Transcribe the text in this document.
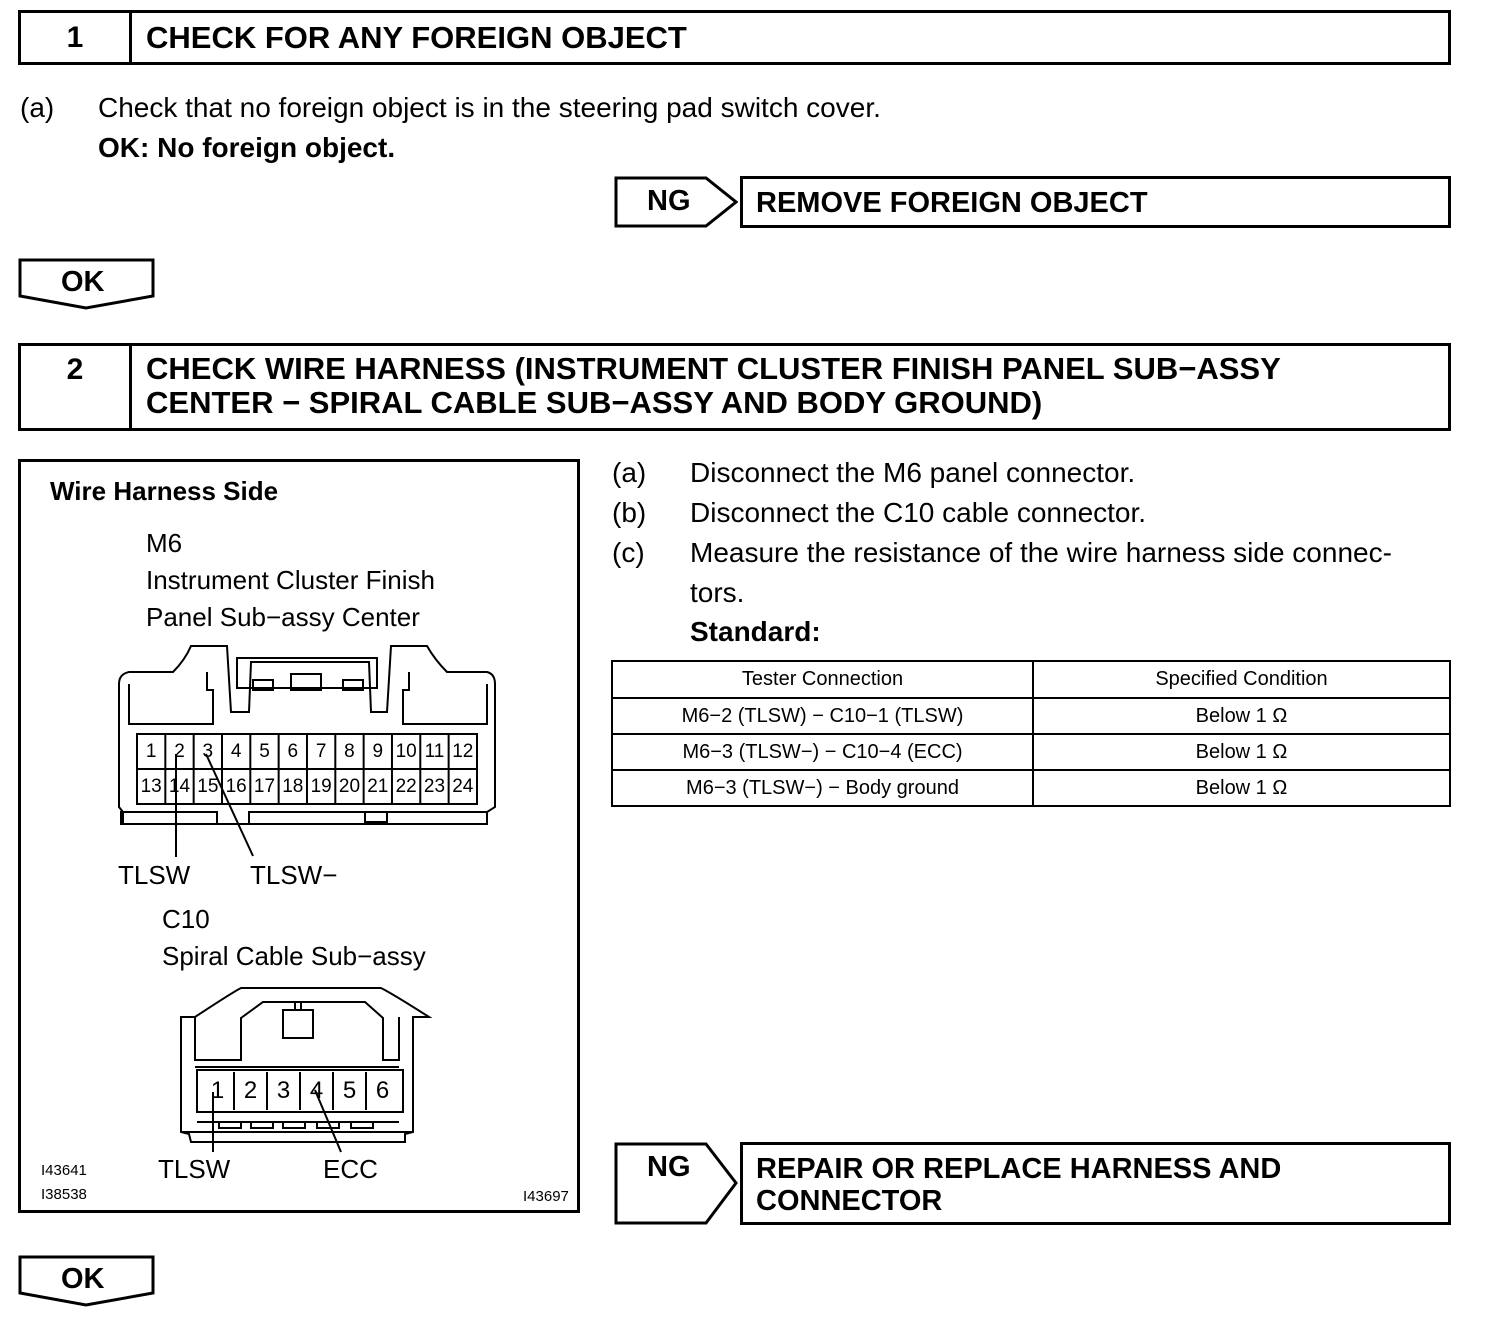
1	CHECK FOR ANY FOREIGN OBJECT
(a) Check that no foreign object is in the steering pad switch cover.
OK: No foreign object.
NG	REMOVE FOREIGN OBJECT
OK
2	CHECK WIRE HARNESS (INSTRUMENT CLUSTER FINISH PANEL SUB−ASSY
CENTER − SPIRAL CABLE SUB−ASSY AND BODY GROUND)
Wire Harness Side
M6
Instrument Cluster Finish
Panel Sub−assy Center
1 2 3 4 5 6 7 8 9 10 11 12
13 14 15 16 17 18 19 20 21 22 23 24
TLSW TLSW−
C10
Spiral Cable Sub−assy
1 2 3 4 5 6
TLSW	ECC
I43641
I38538	I43697
(a) Disconnect the M6 panel connector.
(b) Disconnect the C10 cable connector.
(c) Measure the resistance of the wire harness side connec-
tors.
Standard:
Tester Connection	Specified Condition
M6−2 (TLSW) − C10−1 (TLSW)	Below 1 Ω
M6−3 (TLSW−) − C10−4 (ECC)	Below 1 Ω
M6−3 (TLSW−) − Body ground	Below 1 Ω
NG REPAIR OR REPLACE HARNESS AND
CONNECTOR
OK
